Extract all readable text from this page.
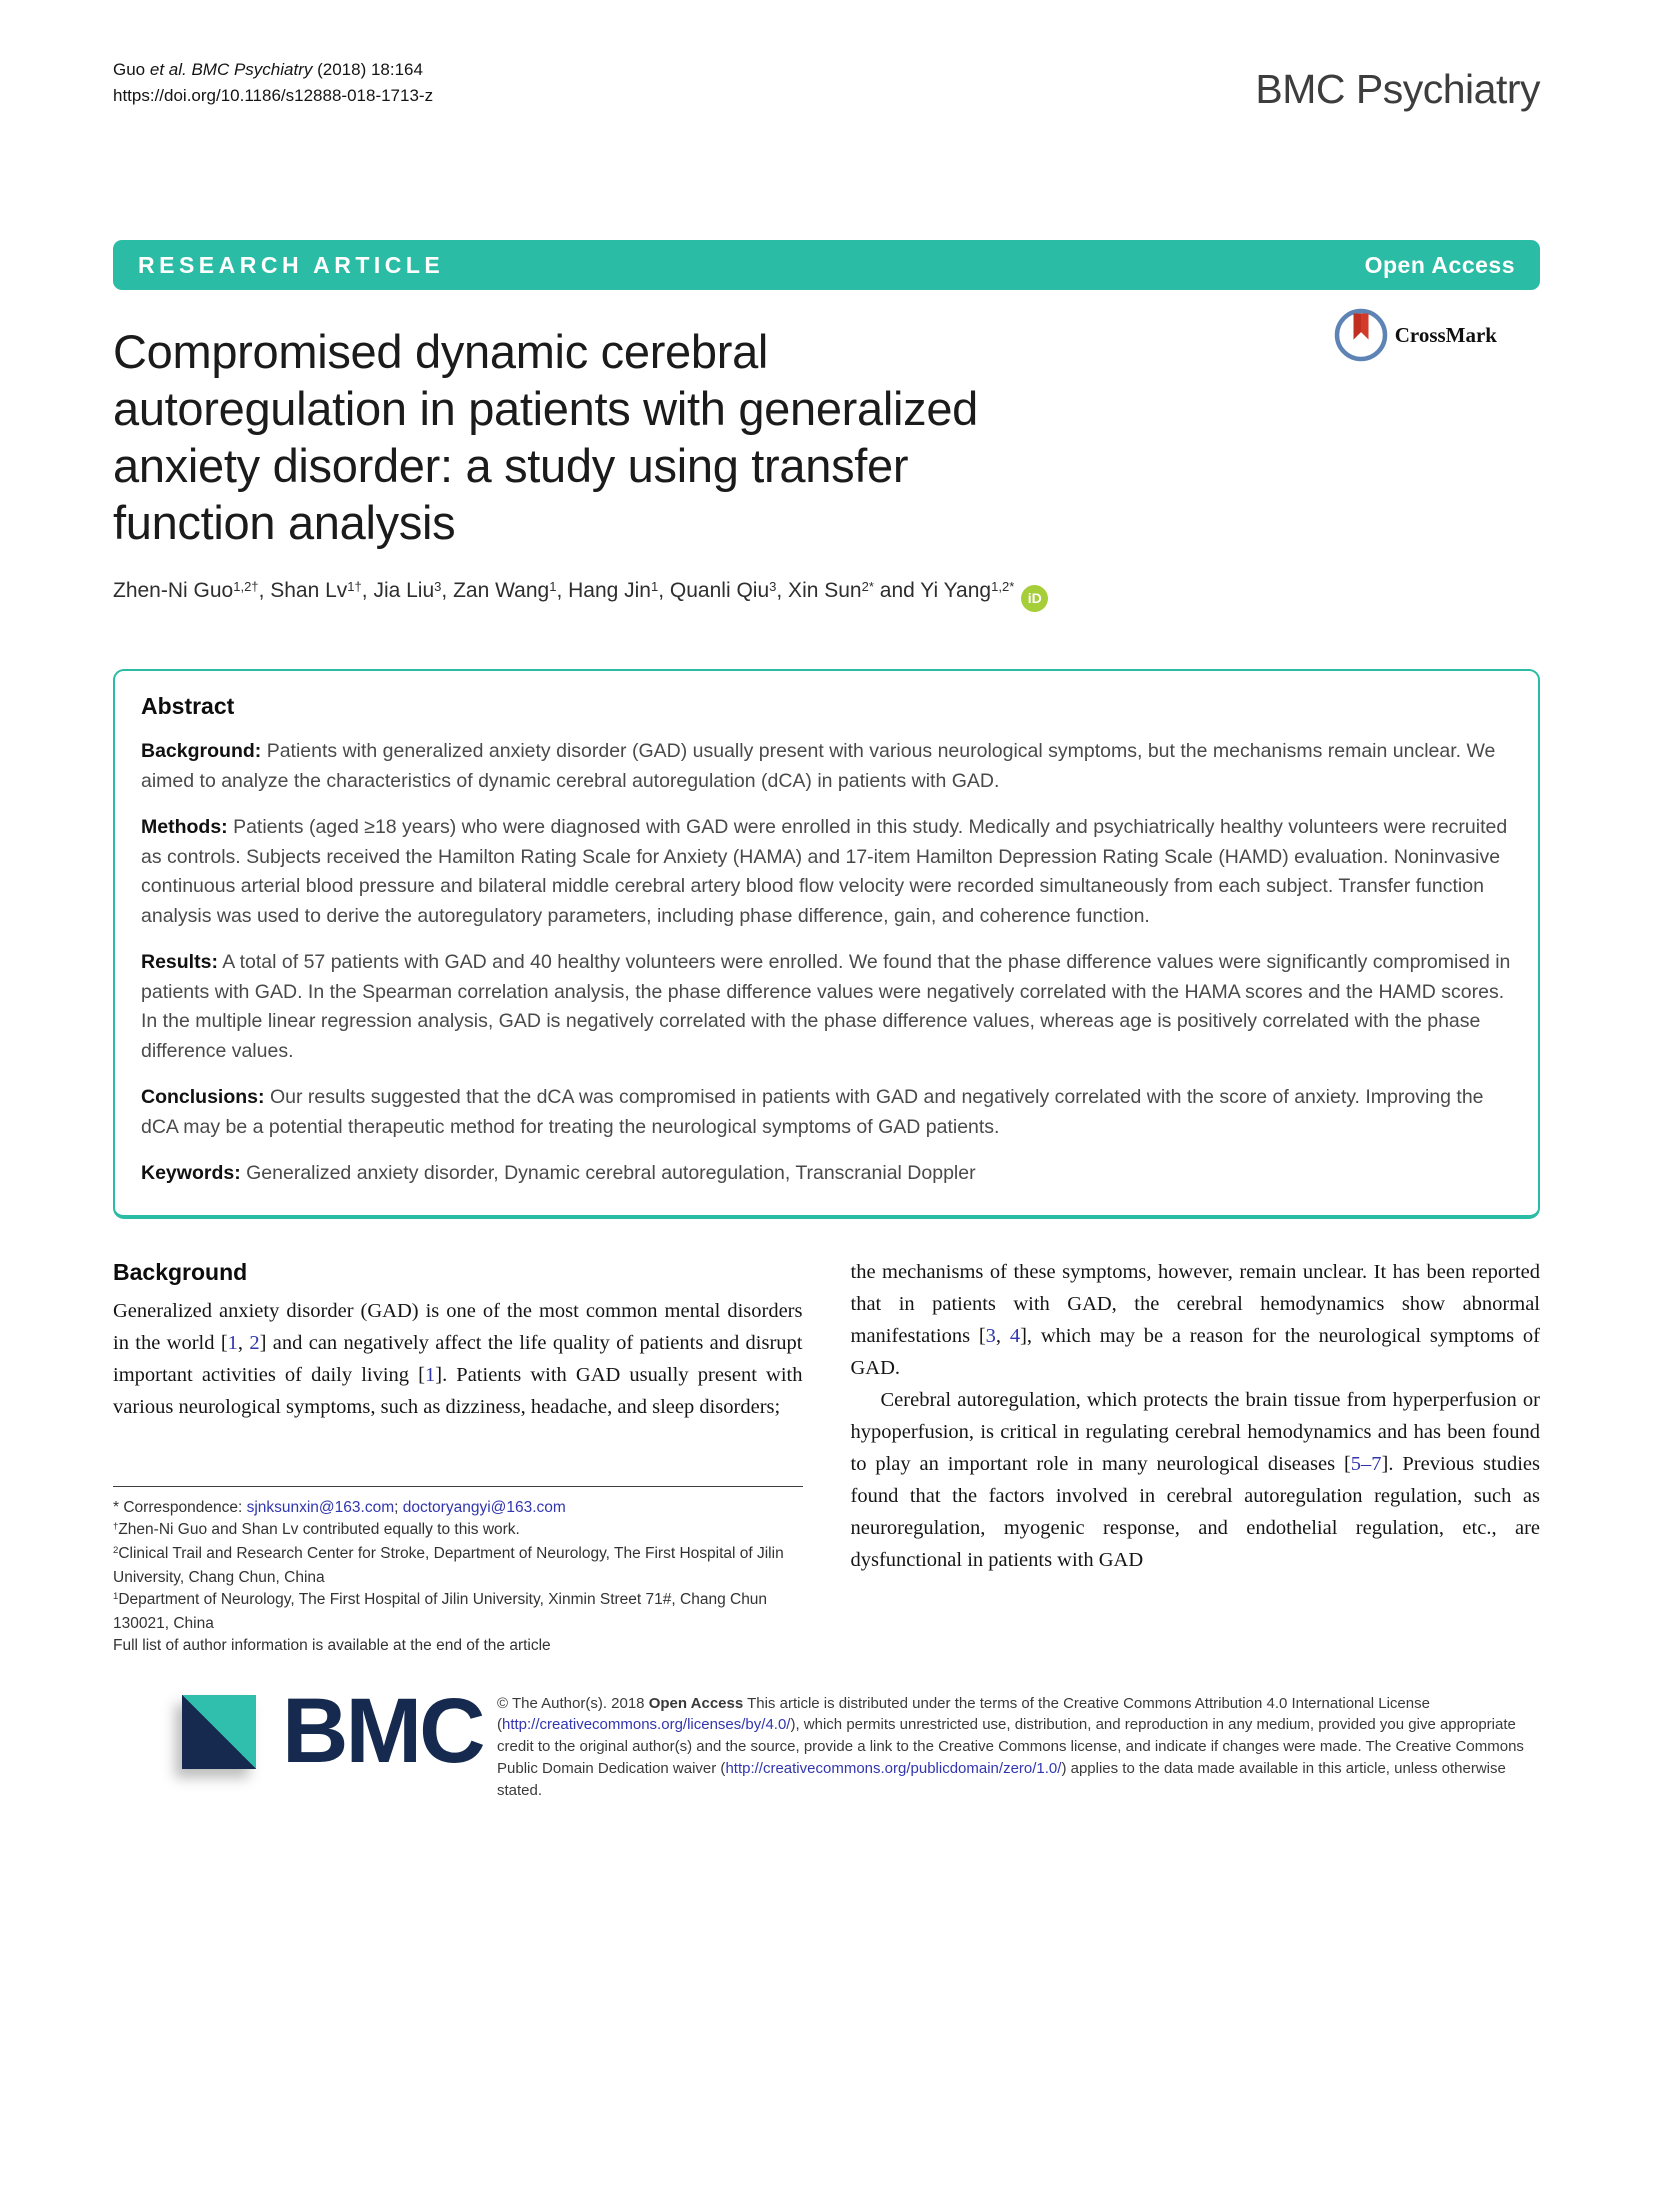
CrossMark
Guo et al. BMC Psychiatry (2018) 18:164
https://doi.org/10.1186/s12888-018-1713-z	BMC Psychiatry
RESEARCH ARTICLE	Open Access
Compromised dynamic cerebral
autoregulation in patients with generalized
anxiety disorder: a study using transfer
function analysis
Zhen-Ni Guo$^{1,2\dagger}$, Shan $Lv^{1\dagger}$, Jia Liu$^3$, Zan Wang$^1$, Hang Jin$^1$, Quanli Qiu$^3$, Xin Sun$^{2*}$ and Yi Yang$^{1,2*}$iD
Abstract

Background: Patients with generalized anxiety disorder (GAD) usually present with various neurological symptoms, but the mechanisms remain unclear. We aimed to analyze the characteristics of dynamic cerebral autoregulation (dCA) in patients with GAD.

Methods: Patients (aged ≥18 years) who were diagnosed with GAD were enrolled in this study. Medically and psychiatrically healthy volunteers were recruited as controls. Subjects received the Hamilton Rating Scale for Anxiety (HAMA) and 17-item Hamilton Depression Rating Scale (HAMD) evaluation. Noninvasive continuous arterial blood pressure and bilateral middle cerebral artery blood flow velocity were recorded simultaneously from each subject. Transfer function analysis was used to derive the autoregulatory parameters, including phase difference, gain, and coherence function.

Results: A total of 57 patients with GAD and 40 healthy volunteers were enrolled. We found that the phase difference values were significantly compromised in patients with GAD. In the Spearman correlation analysis, the phase difference values were negatively correlated with the HAMA scores and the HAMD scores. In the multiple linear regression analysis, GAD is negatively correlated with the phase difference values, whereas age is positively correlated with the phase difference values.

Conclusions: Our results suggested that the dCA was compromised in patients with GAD and negatively correlated with the score of anxiety. Improving the dCA may be a potential therapeutic method for treating the neurological symptoms of GAD patients.

Keywords: Generalized anxiety disorder, Dynamic cerebral autoregulation, Transcranial Doppler

Background

Generalized anxiety disorder (GAD) is one of the most common mental disorders in the world [1, 2] and can negatively affect the life quality of patients and disrupt important activities of daily living [1]. Patients with GAD usually present with various neurological symptoms, such as dizziness, headache, and sleep disorders;

* Correspondence: sjnksunxin@163.com; doctoryangyi@163.com

†Zhen-Ni Guo and Shan Lv contributed equally to this work.

$^2$Clinical Trail and Research Center for Stroke, Department of Neurology, The First Hospital of Jilin University, Chang Chun, China

$^1$Department of Neurology, The First Hospital of Jilin University, Xinmin Street 71#, Chang Chun 130021, China

Full list of author information is available at the end of the article

the mechanisms of these symptoms, however, remain unclear. It has been reported that in patients with GAD, the cerebral hemodynamics show abnormal manifestations [3, 4], which may be a reason for the neurological symptoms of GAD.

Cerebral autoregulation, which protects the brain tissue from hyperperfusion or hypoperfusion, is critical in regulating cerebral hemodynamics and has been found to play an important role in many neurological diseases [5–7]. Previous studies found that the factors involved in cerebral autoregulation regulation, such as neuroregulation, myogenic response, and endothelial regulation, etc., are dysfunctional in patients with GAD

BMC © The Author(s). 2018 Open Access This article is distributed under the terms of the Creative Commons Attribution 4.0 International License (http://creativecommons.org/licenses/by/4.0/), which permits unrestricted use, distribution, and reproduction in any medium, provided you give appropriate credit to the original author(s) and the source, provide a link to the Creative Commons license, and indicate if changes were made. The Creative Commons Public Domain Dedication waiver (http://creativecommons.org/publicdomain/zero/1.0/) applies to the data made available in this article, unless otherwise stated.
